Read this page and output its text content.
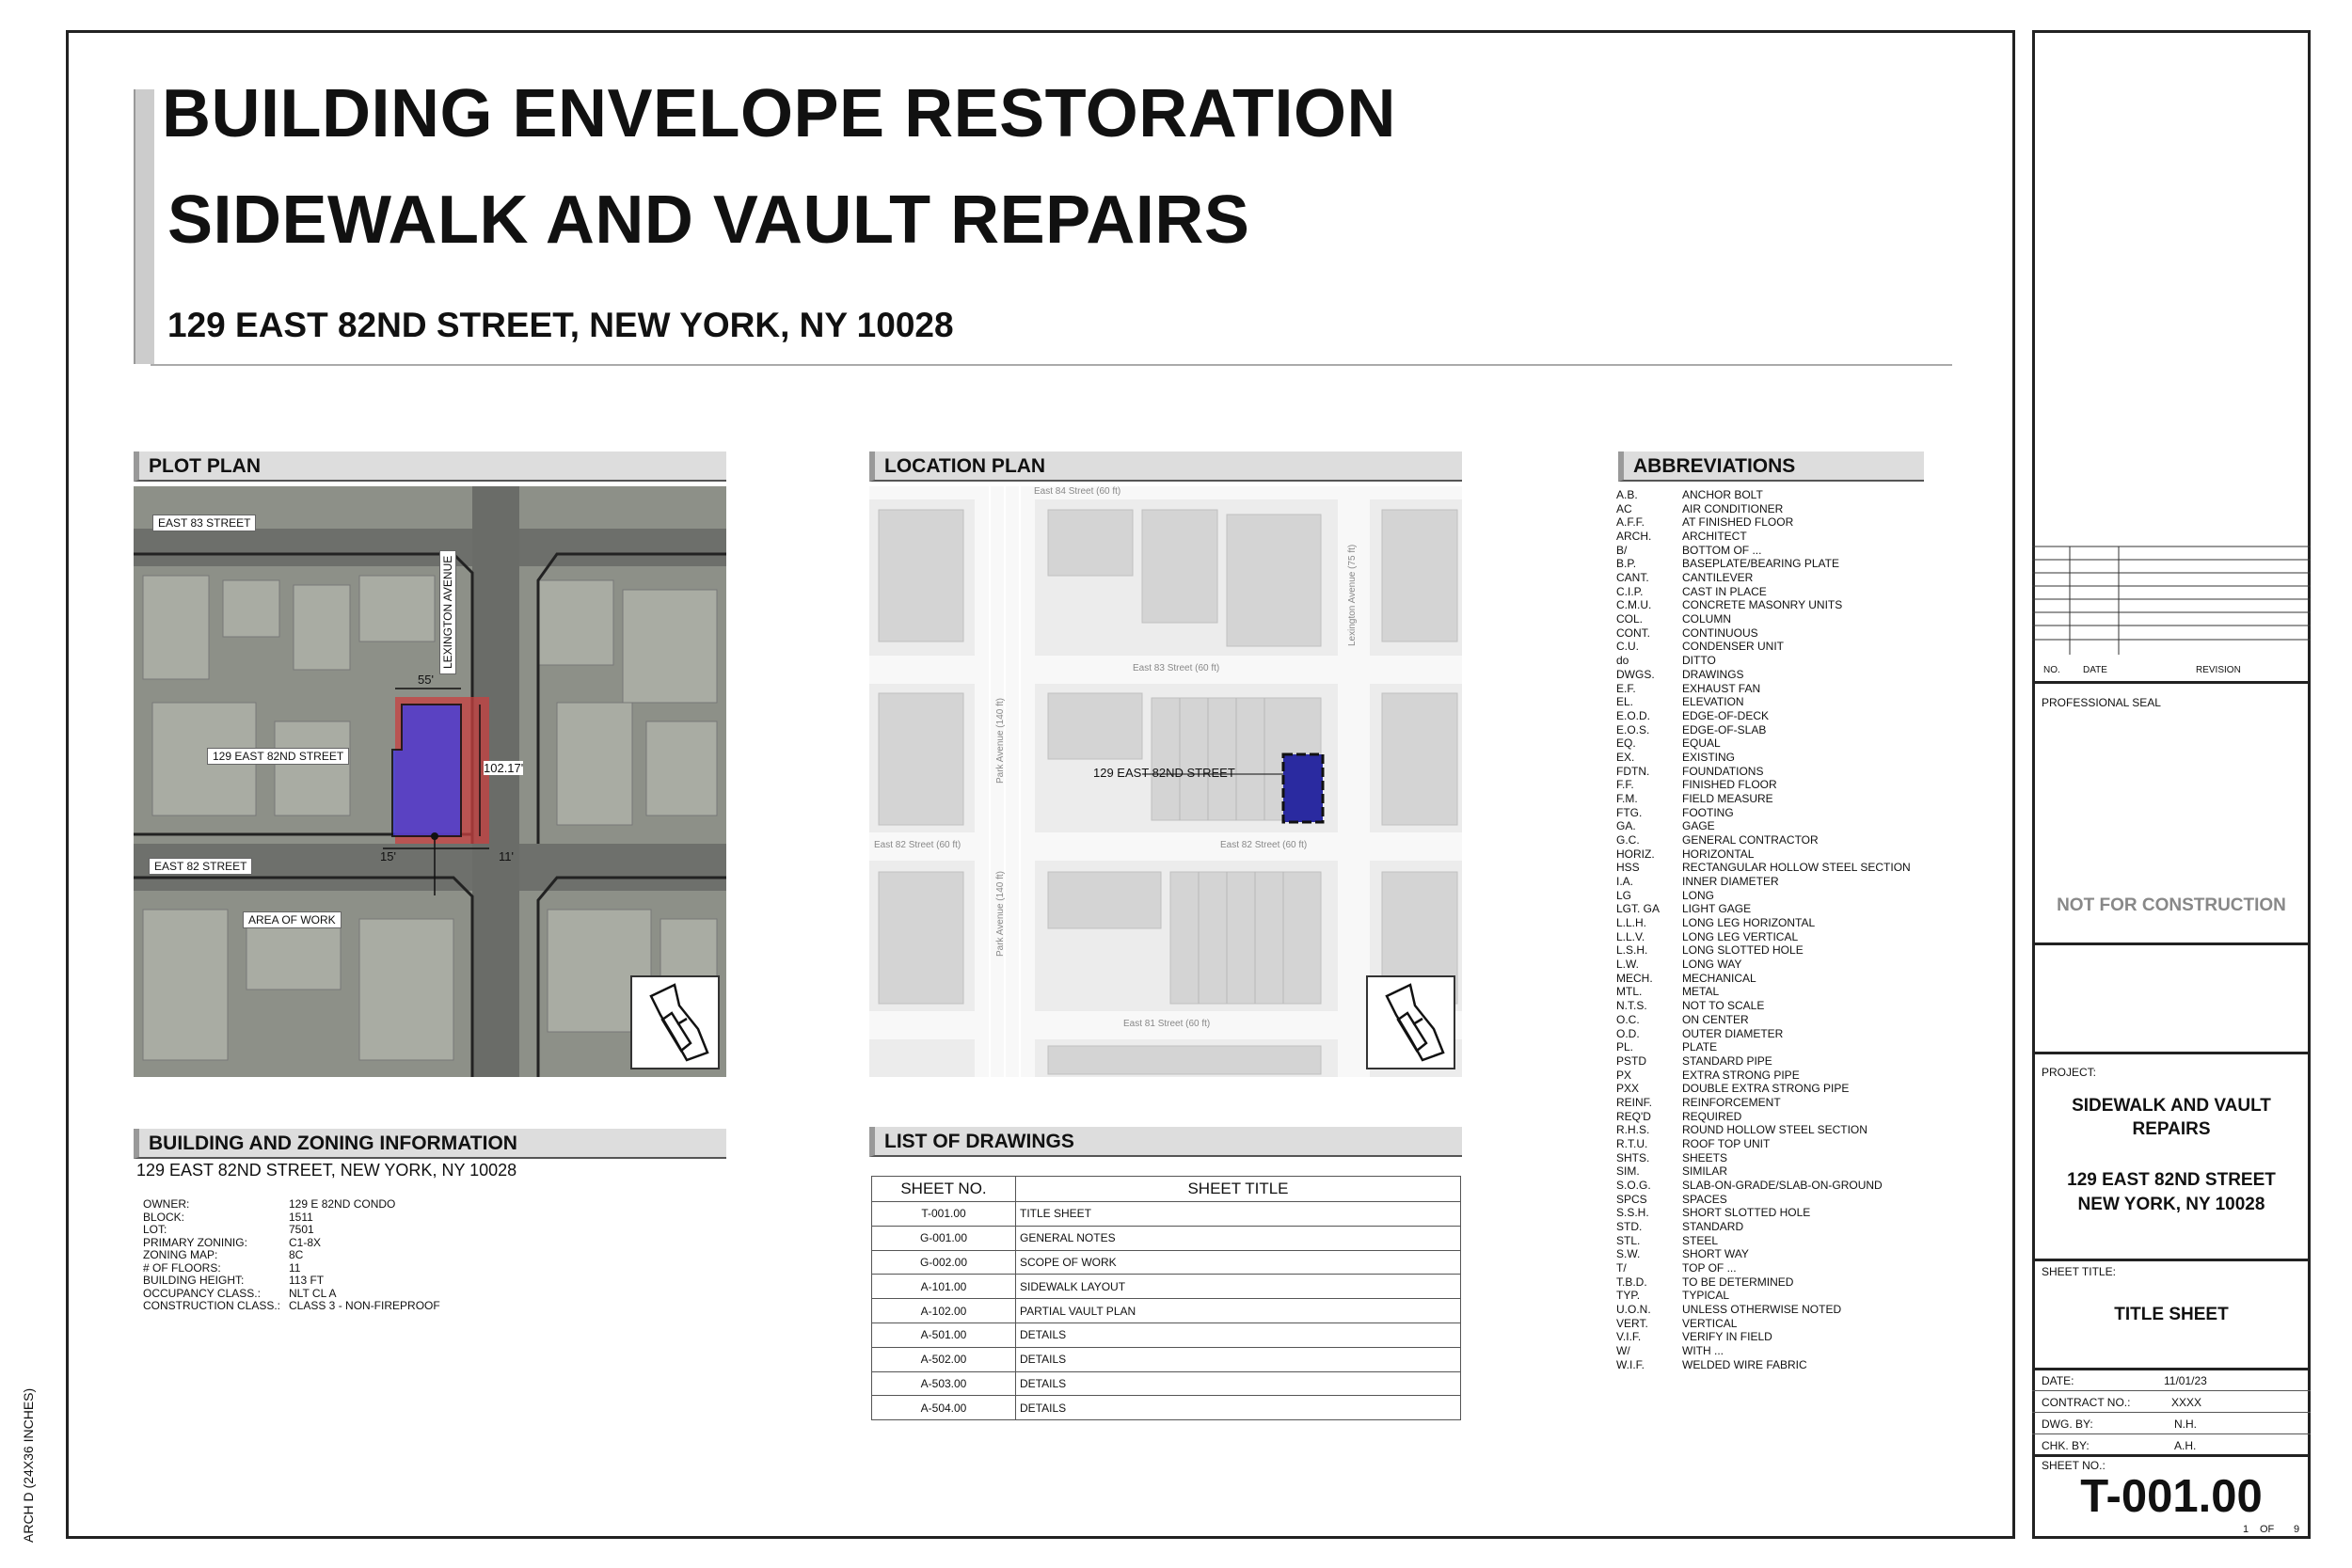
ARCH D (24X36 INCHES)
BUILDING ENVELOPE RESTORATION
SIDEWALK AND VAULT REPAIRS
129 EAST 82ND STREET, NEW YORK, NY 10028
PLOT PLAN
EAST 83 STREET
EAST 82 STREET
129 EAST 82ND STREET
AREA OF WORK
LEXINGTON AVENUE
55'
102.17'
15'	11'
LOCATION PLAN
East 84 Street (60 ft)
East 83 Street (60 ft)
East 82 Street (60 ft)	East 82 Street (60 ft)
East 81 Street (60 ft)
Park Avenue (140 ft)
Park Avenue (140 ft)
Lexington Avenue (75 ft)
129 EAST 82ND STREET
ABBREVIATIONS
A.B.	ANCHOR BOLT
AC	AIR CONDITIONER
A.F.F.	AT FINISHED FLOOR
ARCH.	ARCHITECT
B/	BOTTOM OF ...
B.P.	BASEPLATE/BEARING PLATE
CANT.	CANTILEVER
C.I.P.	CAST IN PLACE
C.M.U.	CONCRETE MASONRY UNITS
COL.	COLUMN
CONT.	CONTINUOUS
C.U.	CONDENSER UNIT
do	DITTO
DWGS. DRAWINGS
E.F.	EXHAUST FAN
EL.	ELEVATION
E.O.D.	EDGE-OF-DECK
E.O.S.	EDGE-OF-SLAB
EQ.	EQUAL
EX.	EXISTING
FDTN.	FOUNDATIONS
F.F.	FINISHED FLOOR
F.M.	FIELD MEASURE
FTG.	FOOTING
GA.	GAGE
G.C.	GENERAL CONTRACTOR
HORIZ. HORIZONTAL
HSS	RECTANGULAR HOLLOW STEEL SECTION
I.A.	INNER DIAMETER
LG	LONG
LGT. GA LIGHT GAGE
L.L.H.	LONG LEG HORIZONTAL
L.L.V.	LONG LEG VERTICAL
L.S.H.	LONG SLOTTED HOLE
L.W.	LONG WAY
MECH.	MECHANICAL
MTL.	METAL
N.T.S.	NOT TO SCALE
O.C.	ON CENTER
O.D.	OUTER DIAMETER
PL.	PLATE
PSTD	STANDARD PIPE
PX	EXTRA STRONG PIPE
PXX	DOUBLE EXTRA STRONG PIPE
REINF.	REINFORCEMENT
REQ'D	REQUIRED
R.H.S.	ROUND HOLLOW STEEL SECTION
R.T.U.	ROOF TOP UNIT
SHTS.	SHEETS
SIM.	SIMILAR
S.O.G.	SLAB-ON-GRADE/SLAB-ON-GROUND
SPCS	SPACES
S.S.H.	SHORT SLOTTED HOLE
STD.	STANDARD
STL.	STEEL
S.W.	SHORT WAY
T/	TOP OF ...
T.B.D.	TO BE DETERMINED
TYP.	TYPICAL
U.O.N.	UNLESS OTHERWISE NOTED
VERT.	VERTICAL
V.I.F.	VERIFY IN FIELD
W/	WITH ...
W.I.F.	WELDED WIRE FABRIC
BUILDING AND ZONING INFORMATION
129 EAST 82ND STREET, NEW YORK, NY 10028
OWNER:	129 E 82ND CONDO
BLOCK:	1511
LOT:	7501
PRIMARY ZONINIG:	C1-8X
ZONING MAP:	8C
# OF FLOORS:	11
BUILDING HEIGHT:	113 FT
OCCUPANCY CLASS.:	NLT CL A
CONSTRUCTION CLASS.: CLASS 3 - NON-FIREPROOF
LIST OF DRAWINGS
SHEET NO.	SHEET TITLE
T-001.00	TITLE SHEET
G-001.00	GENERAL NOTES
G-002.00	SCOPE OF WORK
A-101.00	SIDEWALK LAYOUT
A-102.00	PARTIAL VAULT PLAN
A-501.00	DETAILS
A-502.00	DETAILS
A-503.00	DETAILS
A-504.00	DETAILS
NO. DATE	REVISION
PROFESSIONAL SEAL
NOT FOR CONSTRUCTION
PROJECT:
SIDEWALK AND VAULT
REPAIRS
129 EAST 82ND STREET
NEW YORK, NY 10028
SHEET TITLE:
TITLE SHEET
DATE:	11/01/23
CONTRACT NO.:	XXXX
DWG. BY:	N.H.
CHK. BY:	A.H.
SHEET NO.:
T-001.00
1 OF 9
